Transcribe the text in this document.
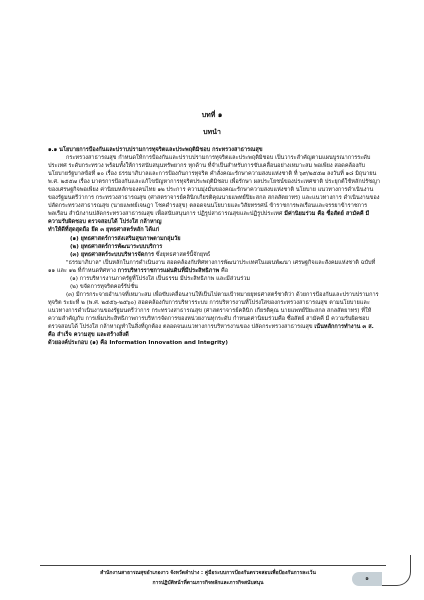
บทที่ ๑
บทนำ

๑.๑ นโยบายการป้องกันและปราบปรามการทุจริตและประพฤติมิชอบ กระทรวงสาธารณสุข

กระทรวงสาธารณสุข กำหนดให้การป้องกันและปราบปรามการทุจริตและประพฤติมิชอบ เป็นวาระสำคัญตามแผนบูรณาการระดับประเทศ ระดับกระทรวง พร้อมทั้งให้การสนับสนุนทรัพยากร ทุกด้าน ที่จำเป็นสำหรับการขับเคลื่อนอย่างเหมาะสม พอเพียง สอดคล้องกับนโยบายรัฐบาลข้อที่ ๑๐ เรื่อง ธรรมาภิบาลและการป้องกันการทุจริต คำสั่งคณะรักษาความสงบแห่งชาติ ที่ ๖๙/๒๕๕๗ ลงวันที่ ๑๘ มิถุนายน พ.ศ. ๒๕๕๗ เรื่อง มาตรการป้องกันและแก้ไขปัญหาการทุจริตประพฤติมิชอบ เพื่อรักษา ผลประโยชน์ของประเทศชาติ ประยุกต์ใช้หลักปรัชญาของเศรษฐกิจพอเพียง ค่านิยมหลักของคนไทย ๑๒ ประการ ความมุ่งมั่นของคณะรักษาความสงบแห่งชาติ นโยบาย แนวทางการดำเนินงานของรัฐมนตรีว่าการ กระทรวงสาธารณสุข (ศาสตราจารย์คลินิกเกียรติคุณนายแพทย์ปิยะสกล สกลสัตยาทร) และแนวทางการ ดำเนินงานของปลัดกระทรวงสาธารณสุข (นายแพทย์เจษฎา โชคดำรงสุข) ตลอดจนนโยบายและวิสัยทรรศน์ ข้าราชการพลเรือนและจรรยาข้าราชการพลเรือน สำนักงานปลัดกระทรวงสาธารณสุข เพื่อสนับสนุนการ ปฏิรูปสาธารณสุขและปฏิรูปประเทศ มีค่านิยมร่วม คือ ซื่อสัตย์ สามัคคี มีความรับผิดชอบ ตรวจสอบได้ โปร่งใส กล้าหาญ

ทำให้ดีที่สุดสุดถือ ยึด ๓ ยุทธศาสตร์หลัก ได้แก่

(๑) ยุทธศาสตร์การส่งเสริมสุขภาพตามกลุ่มวัย

(๒) ยุทธศาสตร์การพัฒนาระบบบริการ

(๓) ยุทธศาสตร์ระบบบริหารจัดการ ซึ่งยุทธศาสตร์นี้จักยุทธ์

"ธรรมาภิบาล" เป็นหลักในการดำเนินงาน สอดคล้องกับทิศทางการพัฒนาประเทศในแผนพัฒนา เศรษฐกิจและสังคมแห่งชาติ ฉบับที่ ๑๑ และ ๑๒ ที่กำหนดทิศทาง การบริหารราชการแผ่นดินที่มีประสิทธิภาพ คือ

(๑) การบริหารงานภาครัฐที่โปร่งใส เป็นธรรม มีประสิทธิภาพ และมีส่วนร่วม

(๒) ขจัดการทุจริตคอร์รัปชั่น

(๓) มีการกระจายอำนาจที่เหมาะสม เพื่อขับเคลื่อนงานให้เป็นไปตามเป้าหมายยุทธศาสตร์ชาติว่า ด้วยการป้องกันและปราบปรามการทุจริต ระยะที่ ๒ (พ.ศ. ๒๕๕๖-๒๕๖๐) สอดคล้องกับการบริหารระบบ การบริหารงานที่โปร่งใสของกระทรวงสาธารณสุข ตามนโยบายและแนวทางการดำเนินงานของรัฐมนตรีว่าการ กระทรวงสาธารณสุข (ศาสตราจารย์คลินิก เกียรติคุณ นายแพทย์ปิยะสกล สกลสัตยาทร) ที่ให้ความสำคัญกับ การเพิ่มประสิทธิภาพการบริหารจัดการของหน่วยงานทุกระดับ กำหนดค่านิยมร่วมคือ ซื่อสัตย์ สามัคคี มี ความรับผิดชอบ ตรวจสอบได้ โปร่งใส กล้าหาญทำในสิ่งที่ถูกต้อง ตลอดจนแนวทางการบริหารงานของ ปลัดกระทรวงสาธารณสุข เน้นหลักการทำงาน ๓ ส. คือ สำเร็จ ความสุข และสร้างสิ่งดี

ด้วยองค์ประกอบ (๑) คือ Information Innovation and Integrity)

สำนักงานสาธารณสุขอำเภองาว จังหวัดลำปาง : คู่มือระบบการป้องกันตรวจสอบเพื่อป้องกันการละเว้น
การปฏิบัติหน้าที่ตามภารกิจหลักและภารกิจสนับสนุน
๑
